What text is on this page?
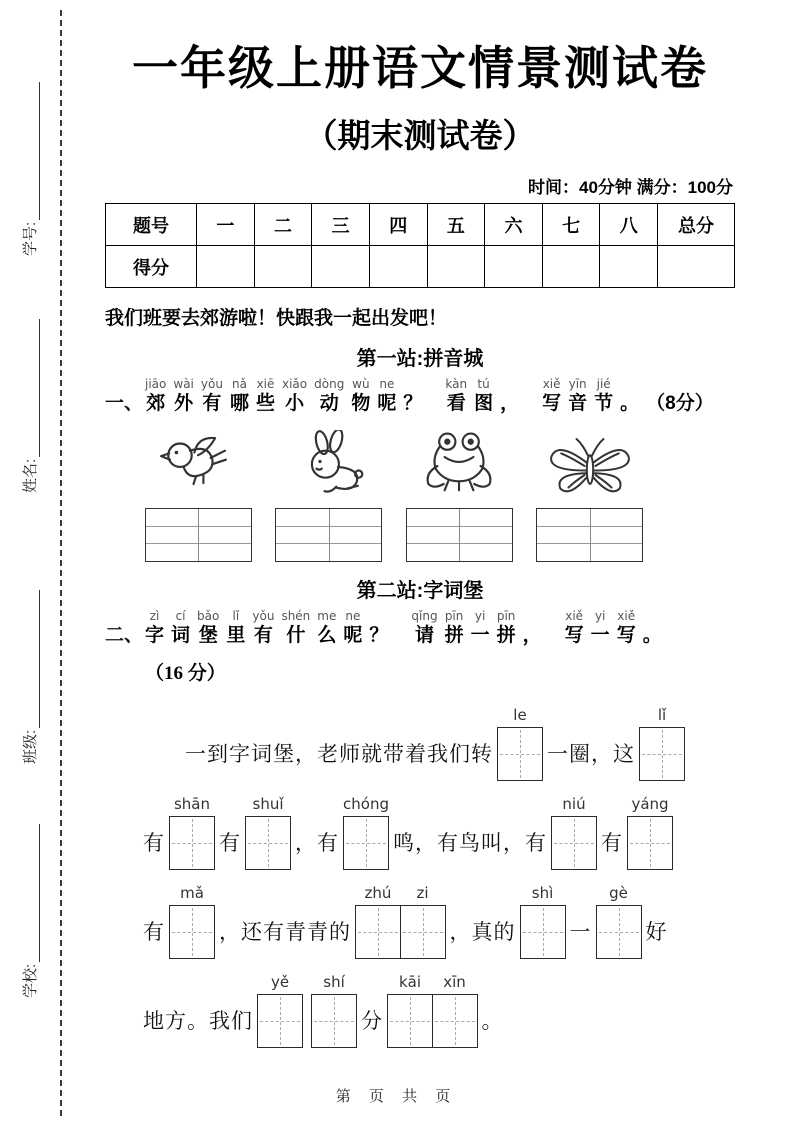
学号:
姓名:
班级:
学校:
一年级上册语文情景测试卷
（期末测试卷）
时间：40分钟 满分：100分
题号	一	二	三	四	五	六	七	八	总分
得分									
我们班要去郊游啦！快跟我一起出发吧！
第一站:拼音城
一、
jiāo
郊
wài
外
yǒu
有
nǎ
哪
xiē
些
xiǎo
小
dòng
动
wù
物
ne
呢 ？
kàn
看
tú
图 ，
xiě
写
yīn
音
jié
节 。 （8分）
第二站:字词堡
二、
zì
字
cí
词
bǎo
堡
lǐ
里
yǒu
有
shén
什
me
么
ne
呢 ？
qǐng
请
pīn
拼
yi
一
pīn
拼 ，
xiě
写
yi
一
xiě
写 。
（16 分）
一到字词堡，老师就带着我们转
le
一圈，这
lǐ
有
shān
有
shuǐ
，有
chóng
鸣，有鸟叫，有
niú
有
yáng
有
mǎ
，还有青青的
zhú	zi
，真的
shì
一
gè
好
地方。我们
yě	shí
分
kāi	xīn
。
第 页 共 页
